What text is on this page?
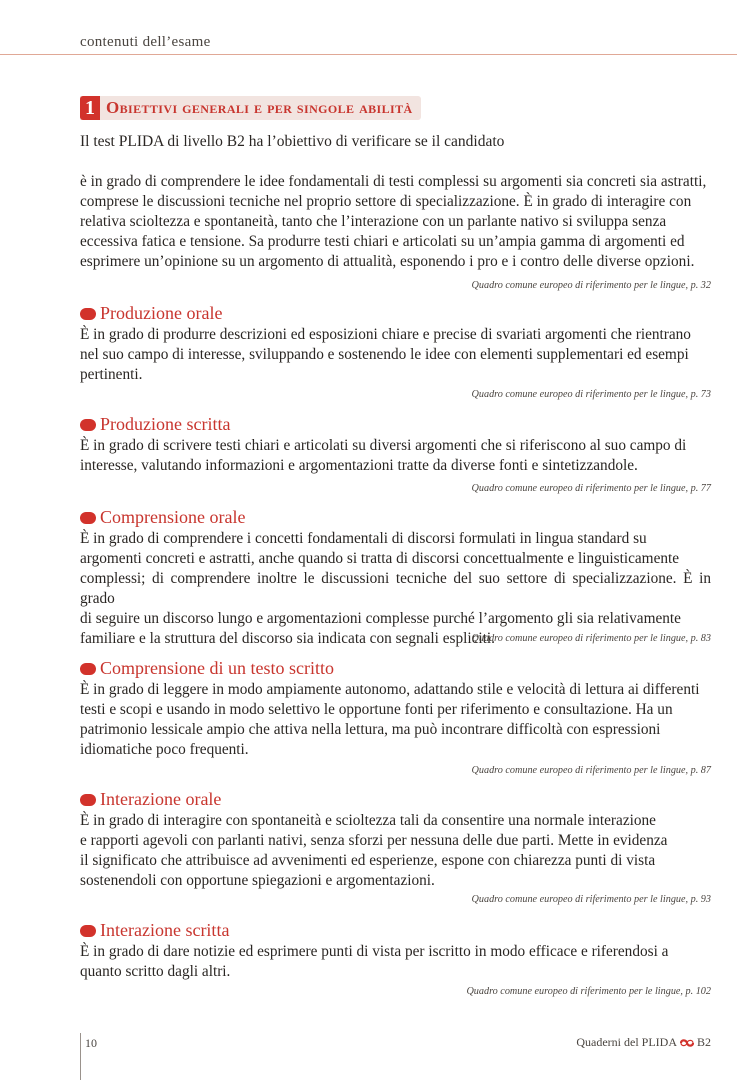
contenuti dell’esame
1 Obiettivi generali e per singole abilità
Il test PLIDA di livello B2 ha l’obiettivo di verificare se il candidato
è in grado di comprendere le idee fondamentali di testi complessi su argomenti sia concreti sia astratti,
comprese le discussioni tecniche nel proprio settore di specializzazione. È in grado di interagire con
relativa scioltezza e spontaneità, tanto che l’interazione con un parlante nativo si sviluppa senza
eccessiva fatica e tensione. Sa produrre testi chiari e articolati su un’ampia gamma di argomenti ed
esprimere un’opinione su un argomento di attualità, esponendo i pro e i contro delle diverse opzioni.
Quadro comune europeo di riferimento per le lingue, p. 32
Produzione orale
È in grado di produrre descrizioni ed esposizioni chiare e precise di svariati argomenti che rientrano
nel suo campo di interesse, sviluppando e sostenendo le idee con elementi supplementari ed esempi
pertinenti.
Quadro comune europeo di riferimento per le lingue, p. 73
Produzione scritta
È in grado di scrivere testi chiari e articolati su diversi argomenti che si riferiscono al suo campo di
interesse, valutando informazioni e argomentazioni tratte da diverse fonti e sintetizzandole.
Quadro comune europeo di riferimento per le lingue, p. 77
Comprensione orale
È in grado di comprendere i concetti fondamentali di discorsi formulati in lingua standard su
argomenti concreti e astratti, anche quando si tratta di discorsi concettualmente e linguisticamente
complessi; di comprendere inoltre le discussioni tecniche del suo settore di specializzazione. È in grado
di seguire un discorso lungo e argomentazioni complesse purché l’argomento gli sia relativamente
familiare e la struttura del discorso sia indicata con segnali espliciti.
Quadro comune europeo di riferimento per le lingue, p. 83
Comprensione di un testo scritto
È in grado di leggere in modo ampiamente autonomo, adattando stile e velocità di lettura ai differenti
testi e scopi e usando in modo selettivo le opportune fonti per riferimento e consultazione. Ha un
patrimonio lessicale ampio che attiva nella lettura, ma può incontrare difficoltà con espressioni
idiomatiche poco frequenti.
Quadro comune europeo di riferimento per le lingue, p. 87
Interazione orale
È in grado di interagire con spontaneità e scioltezza tali da consentire una normale interazione
e rapporti agevoli con parlanti nativi, senza sforzi per nessuna delle due parti. Mette in evidenza
il significato che attribuisce ad avvenimenti ed esperienze, espone con chiarezza punti di vista
sostenendoli con opportune spiegazioni e argomentazioni.
Quadro comune europeo di riferimento per le lingue, p. 93
Interazione scritta
È in grado di dare notizie ed esprimere punti di vista per iscritto in modo efficace e riferendosi a
quanto scritto dagli altri.
Quadro comune europeo di riferimento per le lingue, p. 102
10	Quaderni del PLIDA B2
